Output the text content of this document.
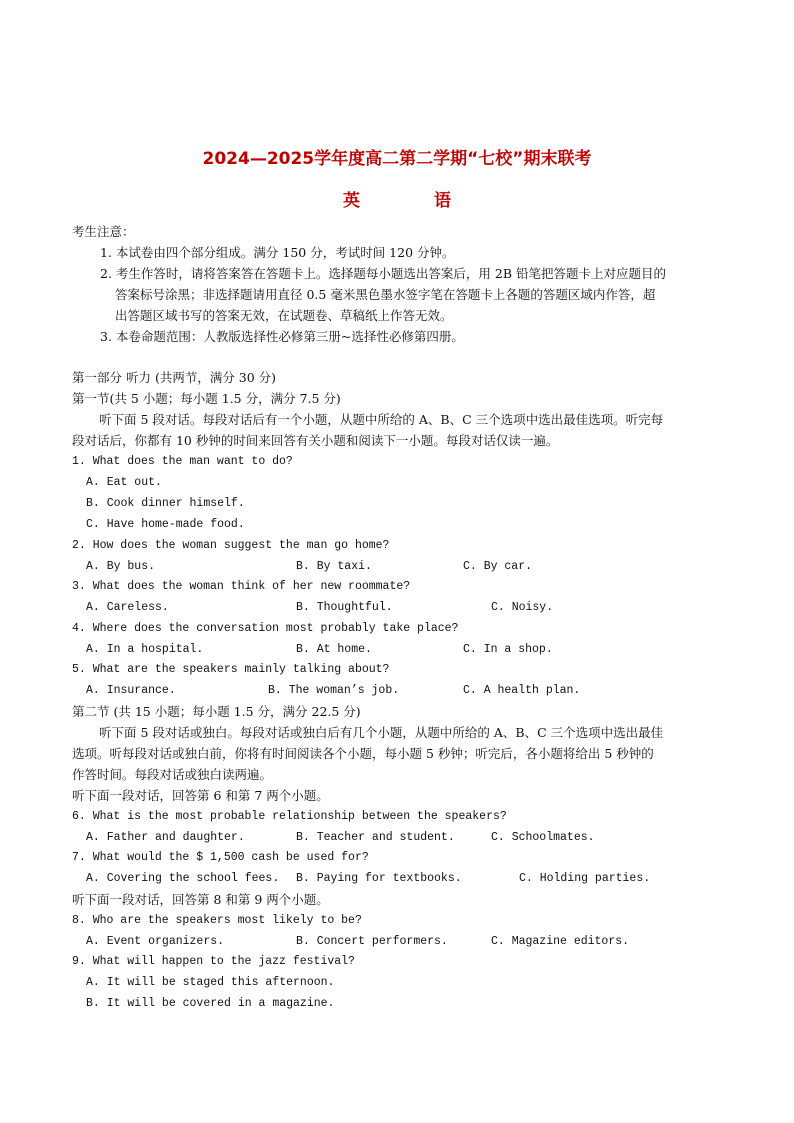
2024—2025学年度高二第二学期“七校”期末联考
英 语
考生注意：
1. 本试卷由四个部分组成。满分 150 分，考试时间 120 分钟。
2. 考生作答时，请将答案答在答题卡上。选择题每小题选出答案后，用 2B 铅笔把答题卡上对应题目的
答案标号涂黑；非选择题请用直径 0.5 毫米黑色墨水签字笔在答题卡上各题的答题区域内作答，超
出答题区域书写的答案无效，在试题卷、草稿纸上作答无效。
3. 本卷命题范围：人教版选择性必修第三册~选择性必修第四册。
第一部分 听力 (共两节，满分 30 分)
第一节(共 5 小题；每小题 1.5 分，满分 7.5 分)
听下面 5 段对话。每段对话后有一个小题，从题中所给的 A、B、C 三个选项中选出最佳选项。听完每
段对话后，你都有 10 秒钟的时间来回答有关小题和阅读下一小题。每段对话仅读一遍。
1. What does the man want to do?
A. Eat out.
B. Cook dinner himself.
C. Have home-made food.
2. How does the woman suggest the man go home?
A. By bus.	B. By taxi.	C. By car.
3. What does the woman think of her new roommate?
A. Careless.	B. Thoughtful.	C. Noisy.
4. Where does the conversation most probably take place?
A. In a hospital.	B. At home.	C. In a shop.
5. What are the speakers mainly talking about?
A. Insurance.	B. The woman’s job.	C. A health plan.
第二节 (共 15 小题；每小题 1.5 分，满分 22.5 分)
听下面 5 段对话或独白。每段对话或独白后有几个小题，从题中所给的 A、B、C 三个选项中选出最佳
选项。听每段对话或独白前，你将有时间阅读各个小题，每小题 5 秒钟；听完后，各小题将给出 5 秒钟的
作答时间。每段对话或独白读两遍。
听下面一段对话，回答第 6 和第 7 两个小题。
6. What is the most probable relationship between the speakers?
A. Father and daughter.	B. Teacher and student.	C. Schoolmates.
7. What would the $ 1,500 cash be used for?
A. Covering the school fees. B. Paying for textbooks.	C. Holding parties.
听下面一段对话，回答第 8 和第 9 两个小题。
8. Who are the speakers most likely to be?
A. Event organizers.	B. Concert performers.	C. Magazine editors.
9. What will happen to the jazz festival?
A. It will be staged this afternoon.
B. It will be covered in a magazine.
